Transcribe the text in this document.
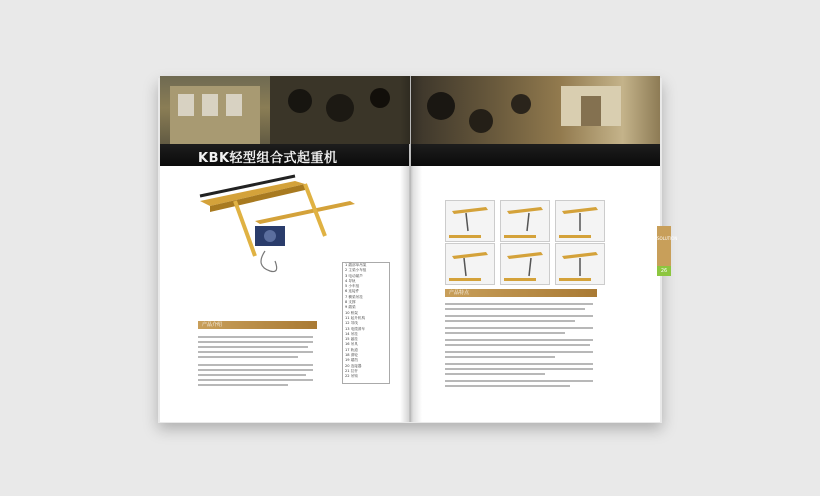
KBK轻型组合式起重机
1 端部单吊架
2 主梁小车组
3 电动葫芦
4 导轨
5 小车组
6 连接件
7 横梁吊挂
8 支撑
9 端梁
10 桥架
11 起升机构
12 导线
13 电缆滑车
14 吊挂
15 悬挂
16 吊具
17 轨道
18 滑轮
19 端挡
20 连接器
21 拉杆
22 吊钩
产品介绍
产品特点
SOLUTION
26
